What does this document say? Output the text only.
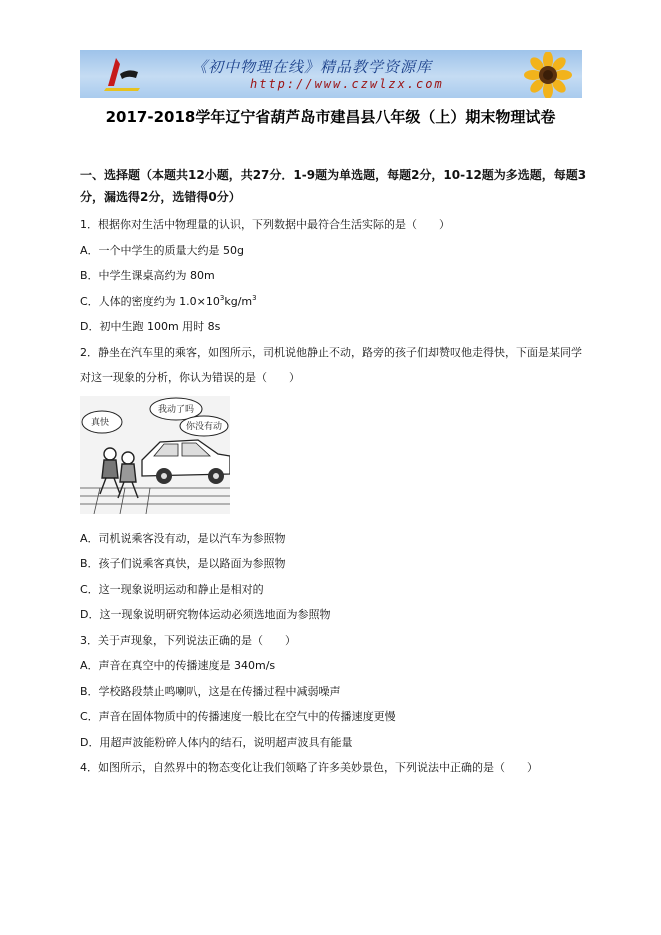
《初中物理在线》精品教学资源库
http://www.czwlzx.com
2017-2018学年辽宁省葫芦岛市建昌县八年级（上）期末物理试卷
一、选择题（本题共12小题，共27分．1-9题为单选题，每题2分，10-12题为多选题，每题3分，漏选得2分，选错得0分）
1．根据你对生活中物理量的认识，下列数据中最符合生活实际的是（　　）
A．一个中学生的质量大约是 50g
B．中学生课桌高约为 80m
C．人体的密度约为 $1.0\times 10^3kg/m^3$
D．初中生跑 100m 用时 8s
2．静坐在汽车里的乘客，如图所示，司机说他静止不动，路旁的孩子们却赞叹他走得快，下面是某同学对这一现象的分析，你认为错误的是（　　）
真快
我动了吗
你没有动
A．司机说乘客没有动，是以汽车为参照物
B．孩子们说乘客真快，是以路面为参照物
C．这一现象说明运动和静止是相对的
D．这一现象说明研究物体运动必须选地面为参照物
3．关于声现象，下列说法正确的是（　　）
A．声音在真空中的传播速度是 340m/s
B．学校路段禁止鸣喇叭，这是在传播过程中减弱噪声
C．声音在固体物质中的传播速度一般比在空气中的传播速度更慢
D．用超声波能粉碎人体内的结石，说明超声波具有能量
4．如图所示，自然界中的物态变化让我们领略了许多美妙景色，下列说法中正确的是（　　）
